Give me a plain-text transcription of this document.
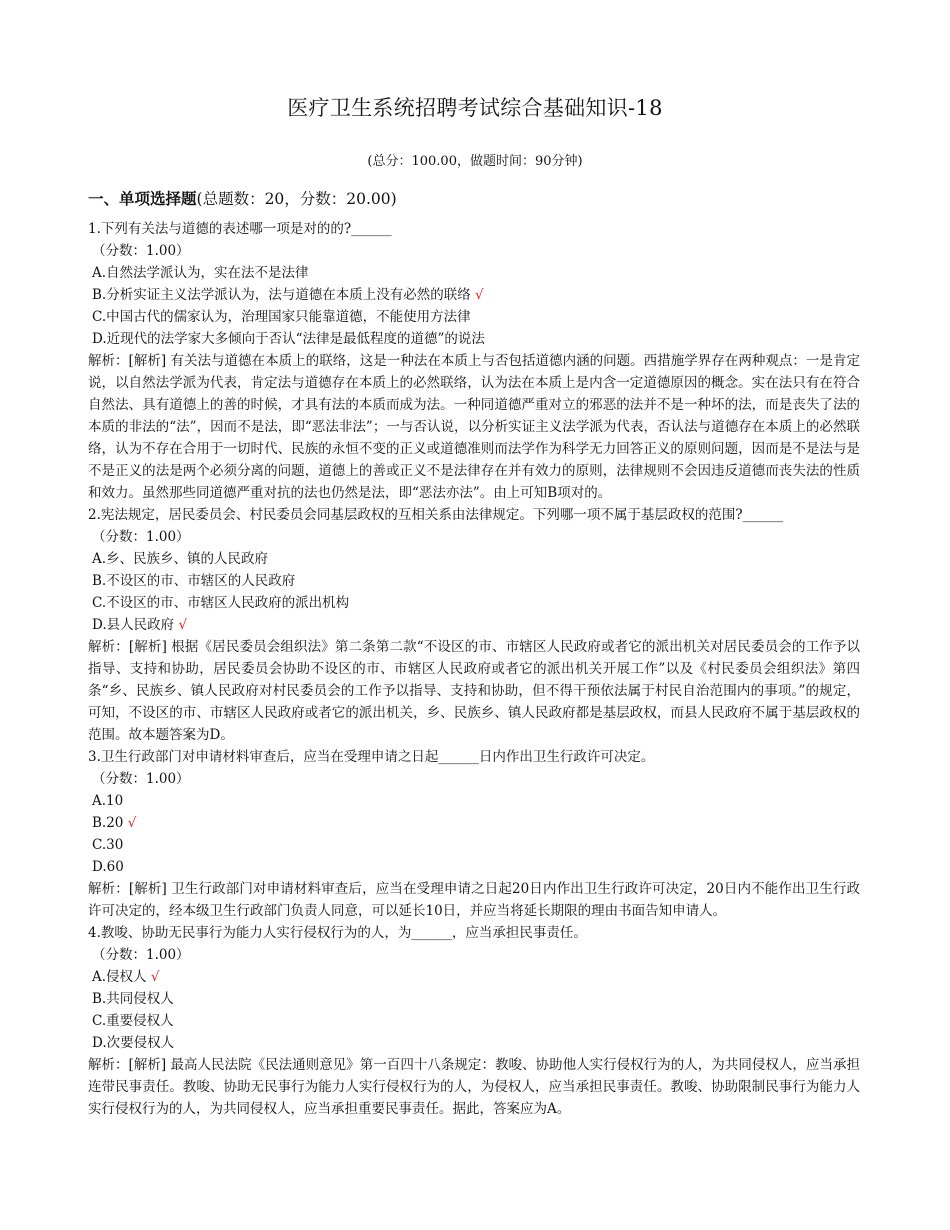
医疗卫生系统招聘考试综合基础知识-18
(总分：100.00，做题时间：90分钟)
一、单项选择题(总题数：20，分数：20.00)
1.下列有关法与道德的表述哪一项是对的的?______
（分数：1.00）
A.自然法学派认为，实在法不是法律
B.分析实证主义法学派认为，法与道德在本质上没有必然的联络 √
C.中国古代的儒家认为，治理国家只能靠道德，不能使用方法律
D.近现代的法学家大多倾向于否认“法律是最低程度的道德”的说法
解析：[解析] 有关法与道德在本质上的联络，这是一种法在本质上与否包括道德内涵的问题。西措施学界存在两种观点：一是肯定说，以自然法学派为代表，肯定法与道德存在本质上的必然联络，认为法在本质上是内含一定道德原因的概念。实在法只有在符合自然法、具有道德上的善的时候，才具有法的本质而成为法。一种同道德严重对立的邪恶的法并不是一种坏的法，而是丧失了法的本质的非法的“法”，因而不是法，即“恶法非法”；一与否认说，以分析实证主义法学派为代表，否认法与道德存在本质上的必然联络，认为不存在合用于一切时代、民族的永恒不变的正义或道德准则而法学作为科学无力回答正义的原则问题，因而是不是法与是不是正义的法是两个必须分离的问题，道德上的善或正义不是法律存在并有效力的原则，法律规则不会因违反道德而丧失法的性质和效力。虽然那些同道德严重对抗的法也仍然是法，即“恶法亦法”。由上可知B项对的。
2.宪法规定，居民委员会、村民委员会同基层政权的互相关系由法律规定。下列哪一项不属于基层政权的范围?______
（分数：1.00）
A.乡、民族乡、镇的人民政府
B.不设区的市、市辖区的人民政府
C.不设区的市、市辖区人民政府的派出机构
D.县人民政府 √
解析：[解析] 根据《居民委员会组织法》第二条第二款“不设区的市、市辖区人民政府或者它的派出机关对居民委员会的工作予以指导、支持和协助，居民委员会协助不设区的市、市辖区人民政府或者它的派出机关开展工作”以及《村民委员会组织法》第四条“乡、民族乡、镇人民政府对村民委员会的工作予以指导、支持和协助，但不得干预依法属于村民自治范围内的事项。”的规定，可知，不设区的市、市辖区人民政府或者它的派出机关，乡、民族乡、镇人民政府都是基层政权，而县人民政府不属于基层政权的范围。故本题答案为D。
3.卫生行政部门对申请材料审查后，应当在受理申请之日起______日内作出卫生行政许可决定。
（分数：1.00）
A.10
B.20 √
C.30
D.60
解析：[解析] 卫生行政部门对申请材料审查后，应当在受理申请之日起20日内作出卫生行政许可决定，20日内不能作出卫生行政许可决定的，经本级卫生行政部门负责人同意，可以延长10日，并应当将延长期限的理由书面告知申请人。
4.教唆、协助无民事行为能力人实行侵权行为的人，为______，应当承担民事责任。
（分数：1.00）
A.侵权人 √
B.共同侵权人
C.重要侵权人
D.次要侵权人
解析：[解析] 最高人民法院《民法通则意见》第一百四十八条规定：教唆、协助他人实行侵权行为的人，为共同侵权人，应当承担连带民事责任。教唆、协助无民事行为能力人实行侵权行为的人，为侵权人，应当承担民事责任。教唆、协助限制民事行为能力人实行侵权行为的人，为共同侵权人，应当承担重要民事责任。据此，答案应为A。
